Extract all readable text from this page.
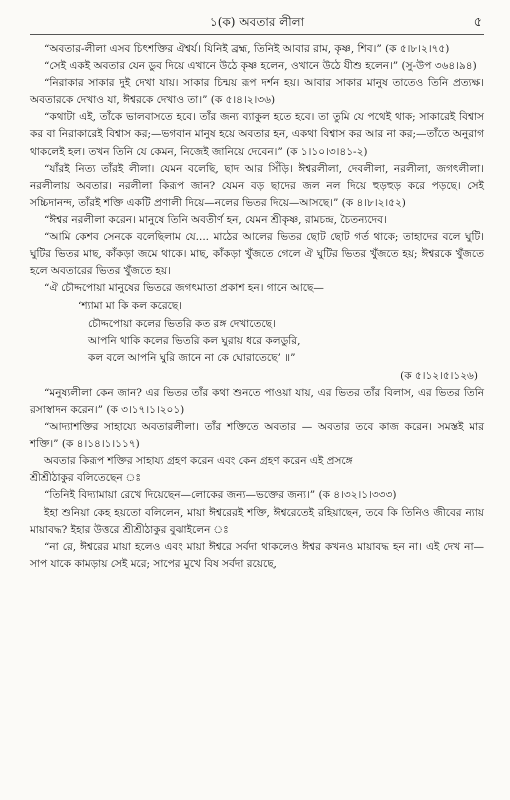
১(ক) অবতার লীলা	৫

“অবতার-লীলা এসব চিৎশক্তির ঐশ্বর্য। যিনিই ব্রহ্ম, তিনিই আবার রাম, কৃষ্ণ, শিব।” (ক ৫।৮।২।৭৫)

“সেই একই অবতার যেন ডুব দিয়ে এখানে উঠে কৃষ্ণ হলেন, ওখানে উঠে যীশু হলেন।” (সু-উপ ৩৬৪।৯৪)

“নিরাকার সাকার দুই দেখা যায়। সাকার চিন্ময় রূপ দর্শন হয়। আবার সাকার মানুষ তাতেও তিনি প্রত্যক্ষ। অবতারকে দেখাও যা, ঈশ্বরকে দেখাও তা।” (ক ৫।৪।২।৩৬)

“কথাটা এই, তাঁকে ভালবাসতে হবে। তাঁর জন্য ব্যাকুল হতে হবে। তা তুমি যে পথেই থাক; সাকারেই বিশ্বাস কর বা নিরাকারেই বিশ্বাস কর;—ভগবান মানুষ হয়ে অবতার হন, একথা বিশ্বাস কর আর না কর;—তাঁতে অনুরাগ থাকলেই হল। তখন তিনি যে কেমন, নিজেই জানিয়ে দেবেন।” (ক ১।১০।৩।৪১-২)

“যাঁরই নিত্য তাঁরই লীলা। যেমন বলেছি, ছাদ আর সিঁড়ি। ঈশ্বরলীলা, দেবলীলা, নরলীলা, জগৎলীলা। নরলীলায় অবতার। নরলীলা কিরূপ জান? যেমন বড় ছাদের জল নল দিয়ে হুড়হুড় করে পড়ছে। সেই সচ্চিদানন্দ, তাঁরই শক্তি একটি প্রণালী দিয়ে—নলের ভিতর দিয়ে—আসছে।” (ক ৪।৮।২।৫২)

“ঈশ্বর নরলীলা করেন। মানুষে তিনি অবতীর্ণ হন, যেমন শ্রীকৃষ্ণ, রামচন্দ্র, চৈতন্যদেব।

“আমি কেশব সেনকে বলেছিলাম যে.... মাঠের আলের ভিতর ছোট ছোট গর্ত থাকে; তাহাদের বলে ঘুটি। ঘুটির ভিতর মাছ, কাঁকড়া জমে থাকে। মাছ, কাঁকড়া খুঁজতে গেলে ঐ ঘুটির ভিতর খুঁজতে হয়; ঈশ্বরকে খুঁজতে হলে অবতারের ভিতর খুঁজতে হয়।

“ঐ চৌদ্দপোয়া মানুষের ভিতরে জগৎমাতা প্রকাশ হন। গানে আছে—

‘শ্যামা মা কি কল করেছে।

চৌদ্দপোয়া কলের ভিতরি কত রঙ্গ দেখাতেছে।

আপনি থাকি কলের ভিতরি কল ঘুরায় ধরে কলডুরি,

কল বলে আপনি ঘুরি জানে না কে ঘোরাতেছে’ ॥”

(ক ৫।১২।৫।১২৬)

“মনুষ্যলীলা কেন জান? এর ভিতর তাঁর কথা শুনতে পাওয়া যায়, এর ভিতর তাঁর বিলাস, এর ভিতর তিনি রসাস্বাদন করেন।” (ক ৩।১৭।১।২০১)

“আদ্যাশক্তির সাহায্যে অবতারলীলা। তাঁর শক্তিতে অবতার — অবতার তবে কাজ করেন। সমস্তই মার শক্তি।” (ক ৪।১৪।১।১১৭)

অবতার কিরূপ শক্তির সাহায্য গ্রহণ করেন এবং কেন গ্রহণ করেন এই প্রসঙ্গে

শ্রীশ্রীঠাকুর বলিতেছেন ঃ

“তিনিই বিদ্যামায়া রেখে দিয়েছেন—লোকের জন্য—ভক্তের জন্য।” (ক ৪।৩২।১।৩৩৩)

ইহা শুনিয়া কেহ হয়তো বলিলেন, মায়া ঈশ্বরেরই শক্তি, ঈশ্বরেতেই রহিয়াছেন, তবে কি তিনিও জীবের ন্যায় মায়াবদ্ধ? ইহার উত্তরে শ্রীশ্রীঠাকুর বুঝাইলেন ঃ

“না রে, ঈশ্বরের মায়া হলেও এবং মায়া ঈশ্বরে সর্বদা থাকলেও ঈশ্বর কখনও মায়াবদ্ধ হন না। এই দেখ না—সাপ যাকে কামড়ায় সেই মরে; সাপের মুখে বিষ সর্বদা রয়েছে,
